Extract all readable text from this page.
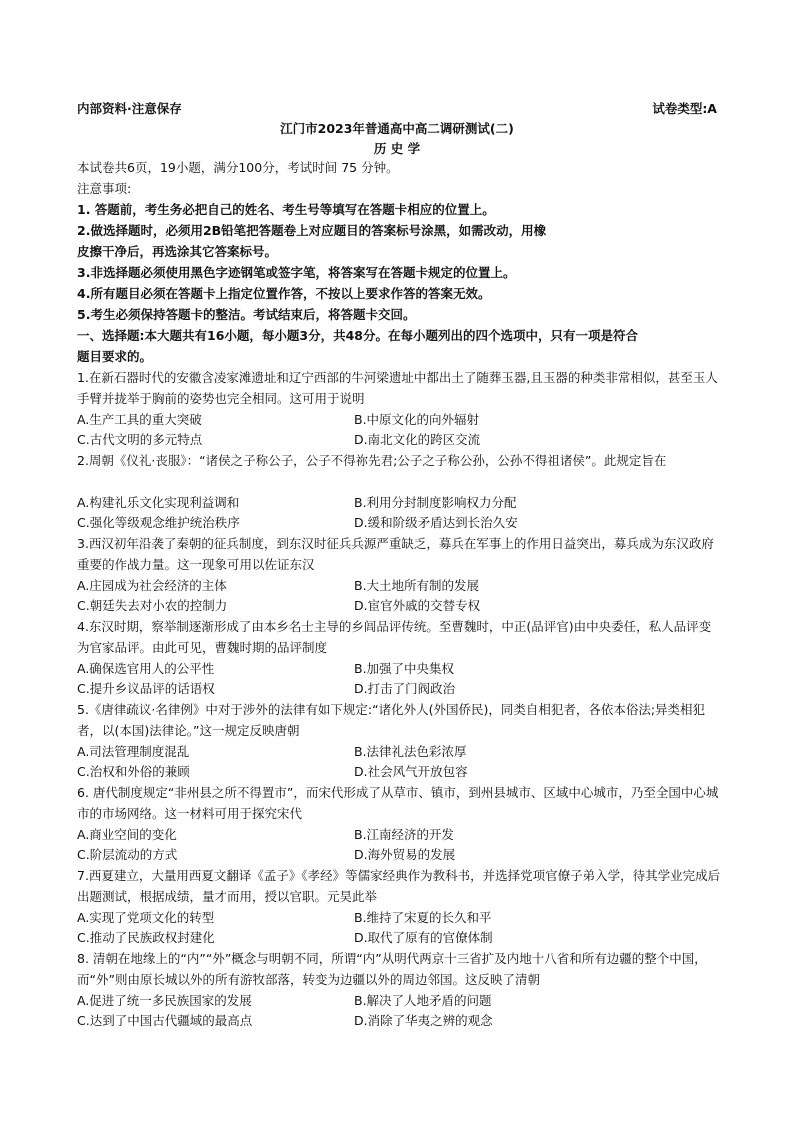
内部资料·注意保存	试卷类型:A
江门市2023年普通高中高二调研测试(二)
历 史 学
本试卷共6页，19小题，满分100分，考试时间 75 分钟。
注意事项:
1. 答题前，考生务必把自己的姓名、考生号等填写在答题卡相应的位置上。
2.做选择题时，必须用2B铅笔把答题卷上对应题目的答案标号涂黑，如需改动，用橡
皮擦干净后，再选涂其它答案标号。
3.非选择题必须使用黑色字迹钢笔或签字笔，将答案写在答题卡规定的位置上。
4.所有题目必须在答题卡上指定位置作答，不按以上要求作答的答案无效。
5.考生必须保持答题卡的整洁。考试结束后，将答题卡交回。
一、选择题:本大题共有16小题，每小题3分，共48分。在每小题列出的四个选项中，只有一项是符合
题目要求的。
1.在新石器时代的安徽含凌家滩遗址和辽宁西部的牛河梁遗址中都出土了随葬玉器,且玉器的种类非常相似，甚至玉人手臂并拢举于胸前的姿势也完全相同。这可用于说明
A.生产工具的重大突破	B.中原文化的向外辐射
C.古代文明的多元特点	D.南北文化的跨区交流
2.周朝《仪礼·丧服》：“诸侯之子称公子，公子不得祢先君;公子之子称公孙，公孙不得祖诸侯”。此规定旨在
A.构建礼乐文化实现利益调和	B.利用分封制度影响权力分配
C.强化等级观念维护统治秩序	D.缓和阶级矛盾达到长治久安
3.西汉初年沿袭了秦朝的征兵制度，到东汉时征兵兵源严重缺乏，募兵在军事上的作用日益突出，募兵成为东汉政府重要的作战力量。这一现象可用以佐证东汉
A.庄园成为社会经济的主体	B.大土地所有制的发展
C.朝廷失去对小农的控制力	D.宦官外戚的交替专权
4.东汉时期，察举制逐渐形成了由本乡名士主导的乡闾品评传统。至曹魏时，中正(品评官)由中央委任，私人品评变为官家品评。由此可见，曹魏时期的品评制度
A.确保选官用人的公平性	B.加强了中央集权
C.提升乡议品评的话语权	D.打击了门阀政治
5.《唐律疏议·名律例》中对于涉外的法律有如下规定:“诸化外人(外国侨民)，同类自相犯者，各依本俗法;异类相犯者，以(本国)法律论。”这一规定反映唐朝
A.司法管理制度混乱	B.法律礼法色彩浓厚
C.治权和外俗的兼顾	D.社会风气开放包容
6. 唐代制度规定“非州县之所不得置市”，而宋代形成了从草市、镇市，到州县城市、区域中心城市，乃至全国中心城市的市场网络。这一材料可用于探究宋代
A.商业空间的变化	B.江南经济的开发
C.阶层流动的方式	D.海外贸易的发展
7.西夏建立，大量用西夏文翻译《孟子》《孝经》等儒家经典作为教科书，并选择党项官僚子弟入学，待其学业完成后出题测试，根据成绩，量才而用，授以官职。元昊此举
A.实现了党项文化的转型	B.维持了宋夏的长久和平
C.推动了民族政权封建化	D.取代了原有的官僚体制
8. 清朝在地缘上的“内”“外”概念与明朝不同，所谓“内”从明代两京十三省扩及内地十八省和所有边疆的整个中国，而“外”则由原长城以外的所有游牧部落，转变为边疆以外的周边邻国。这反映了清朝
A.促进了统一多民族国家的发展	B.解决了人地矛盾的问题
C.达到了中国古代疆域的最高点	D.消除了华夷之辨的观念
